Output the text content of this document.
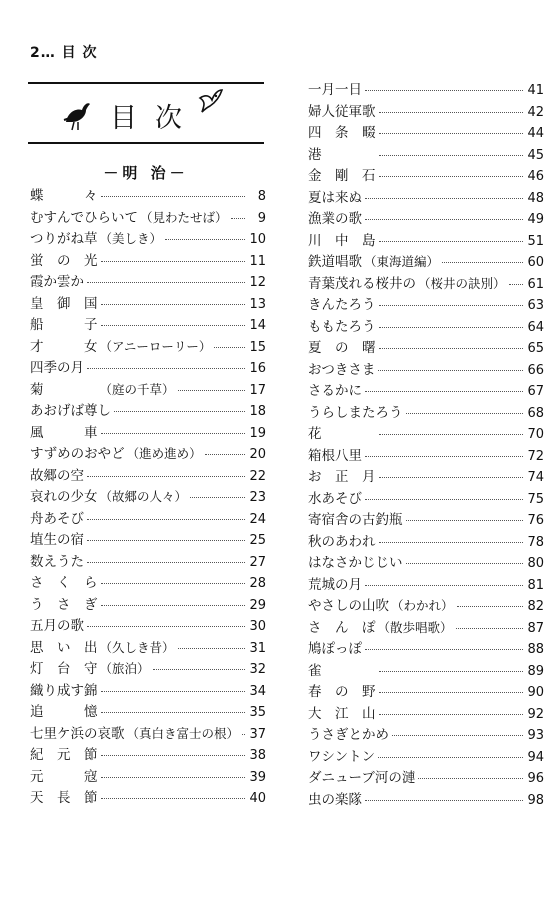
2… 目 次
目次
－明 治－
蝶　　　々	8
むすんでひらいて （見わたせば）	9
つりがね草 （美しき）	10
蛍　の　光	11
霞か雲か	12
皇　御　国	13
船　　　子	14
才　　　女 （アニーローリー）	15
四季の月	16
菊　　　　 （庭の千草）	17
あおげば尊し	18
風　　　車	19
すずめのおやど （進め進め）	20
故郷の空	22
哀れの少女 （故郷の人々）	23
舟あそび	24
埴生の宿	25
数えうた	27
さ　く　ら	28
う　さ　ぎ	29
五月の歌	30
思　い　出 （久しき昔）	31
灯　台　守 （旅泊）	32
織り成す錦	34
追　　　憶	35
七里ケ浜の哀歌 （真白き富士の根） 37
紀　元　節	38
元　　　寇	39
天　長　節	40
一月一日	41
婦人従軍歌	42
四　条　畷	44
港　　　　	45
金　剛　石	46
夏は来ぬ	48
漁業の歌	49
川　中　島	51
鉄道唱歌 （東海道編）	60
青葉茂れる桜井の （桜井の訣別） 61
きんたろう	63
ももたろう	64
夏　の　曙	65
おつきさま	66
さるかに	67
うらしまたろう	68
花　　　　	70
箱根八里	72
お　正　月	74
水あそび	75
寄宿舎の古釣瓶	76
秋のあわれ	78
はなさかじじい	80
荒城の月	81
やさしの山吹 （わかれ）	82
さ　ん　ぽ （散歩唱歌）	87
鳩ぽっぽ	88
雀　　　　	89
春　の　野	90
大　江　山	92
うさぎとかめ	93
ワシントン	94
ダニューブ河の漣	96
虫の楽隊	98
